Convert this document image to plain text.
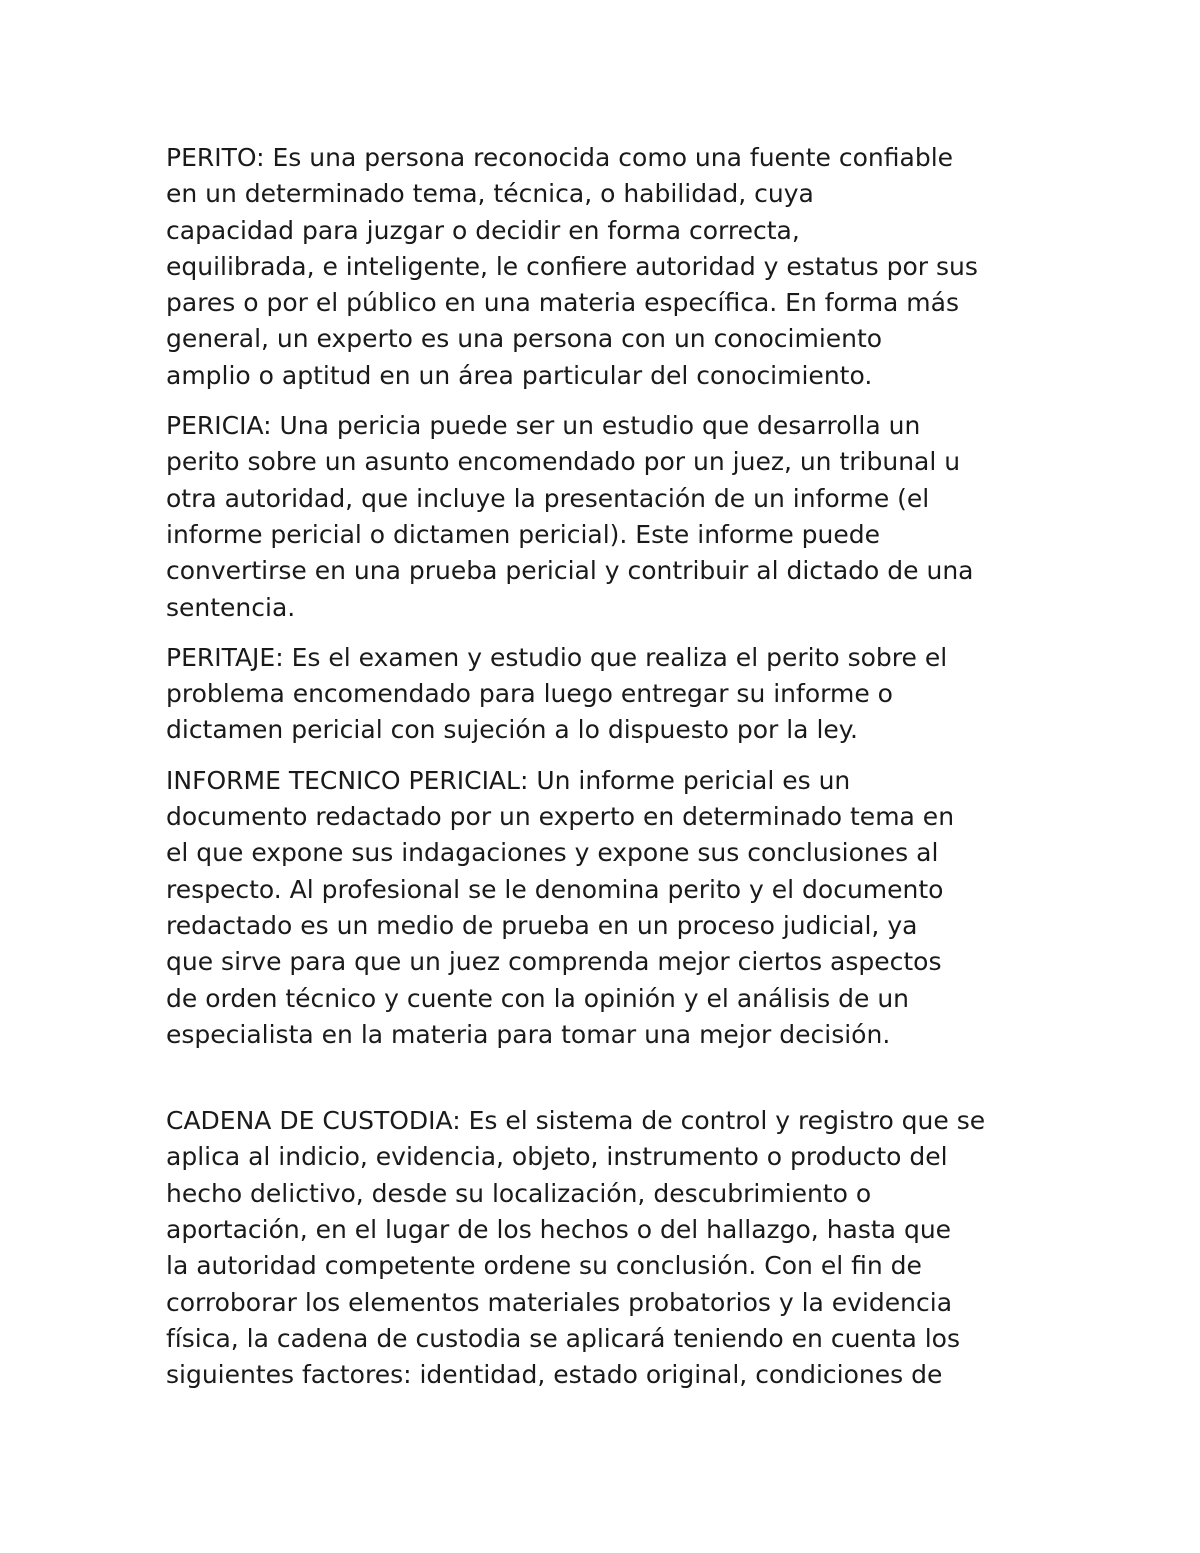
PERITO: Es una persona reconocida como una fuente confiable
en un determinado tema, técnica, o habilidad, cuya
capacidad para juzgar o decidir en forma correcta,
equilibrada, e inteligente, le confiere autoridad y estatus por sus
pares o por el público en una materia específica. En forma más
general, un experto es una persona con un conocimiento
amplio o aptitud en un área particular del conocimiento.

PERICIA: Una pericia puede ser un estudio que desarrolla un
perito sobre un asunto encomendado por un juez, un tribunal u
otra autoridad, que incluye la presentación de un informe (el
informe pericial o dictamen pericial). Este informe puede
convertirse en una prueba pericial y contribuir al dictado de una
sentencia.

PERITAJE: Es el examen y estudio que realiza el perito sobre el
problema encomendado para luego entregar su informe o
dictamen pericial con sujeción a lo dispuesto por la ley.

INFORME TECNICO PERICIAL: Un informe pericial es un
documento redactado por un experto en determinado tema en
el que expone sus indagaciones y expone sus conclusiones al
respecto. Al profesional se le denomina perito y el documento
redactado es un medio de prueba en un proceso judicial, ya
que sirve para que un juez comprenda mejor ciertos aspectos
de orden técnico y cuente con la opinión y el análisis de un
especialista en la materia para tomar una mejor decisión.

CADENA DE CUSTODIA: Es el sistema de control y registro que se
aplica al indicio, evidencia, objeto, instrumento o producto del
hecho delictivo, desde su localización, descubrimiento o
aportación, en el lugar de los hechos o del hallazgo, hasta que
la autoridad competente ordene su conclusión. Con el fin de
corroborar los elementos materiales probatorios y la evidencia
física, la cadena de custodia se aplicará teniendo en cuenta los
siguientes factores: identidad, estado original, condiciones de
